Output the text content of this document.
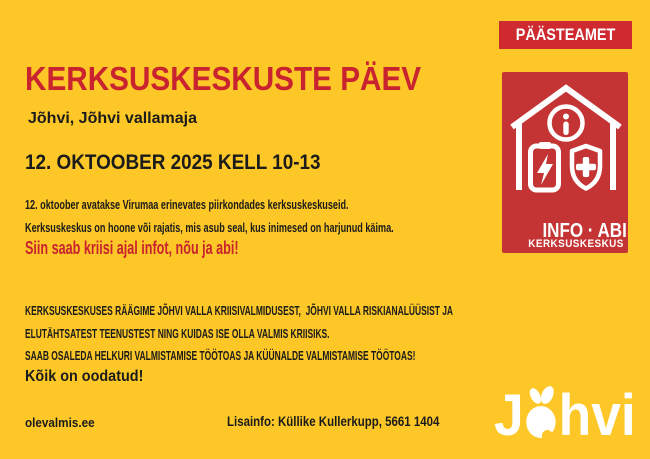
KERKSUSKESKUSTE PÄEV
Jõhvi, Jõhvi vallamaja
12. OKTOOBER 2025 KELL 10-13
12. oktoober avatakse Virumaa erinevates piirkondades kerksuskeskuseid.
Kerksuskeskus on hoone või rajatis, mis asub seal, kus inimesed on harjunud käima.
Siin saab kriisi ajal infot, nõu ja abi!
KERKSUSKESKUSES RÄÄGIME JÕHVI VALLA KRIISIVALMIDUSEST,  JÕHVI VALLA RISKIANALÜÜSIST JA
ELUTÄHTSATEST TEENUSTEST NING KUIDAS ISE OLLA VALMIS KRIISIKS.
SAAB OSALEDA HELKURI VALMISTAMISE TÖÖTOAS JA KÜÜNALDE VALMISTAMISE TÖÖTOAS!
Kõik on oodatud!
olevalmis.ee	Lisainfo: Küllike Kullerkupp, 5661 1404
PÄÄSTEAMET

INFO · ABI

KERKSUSKESKUS

J hvi
